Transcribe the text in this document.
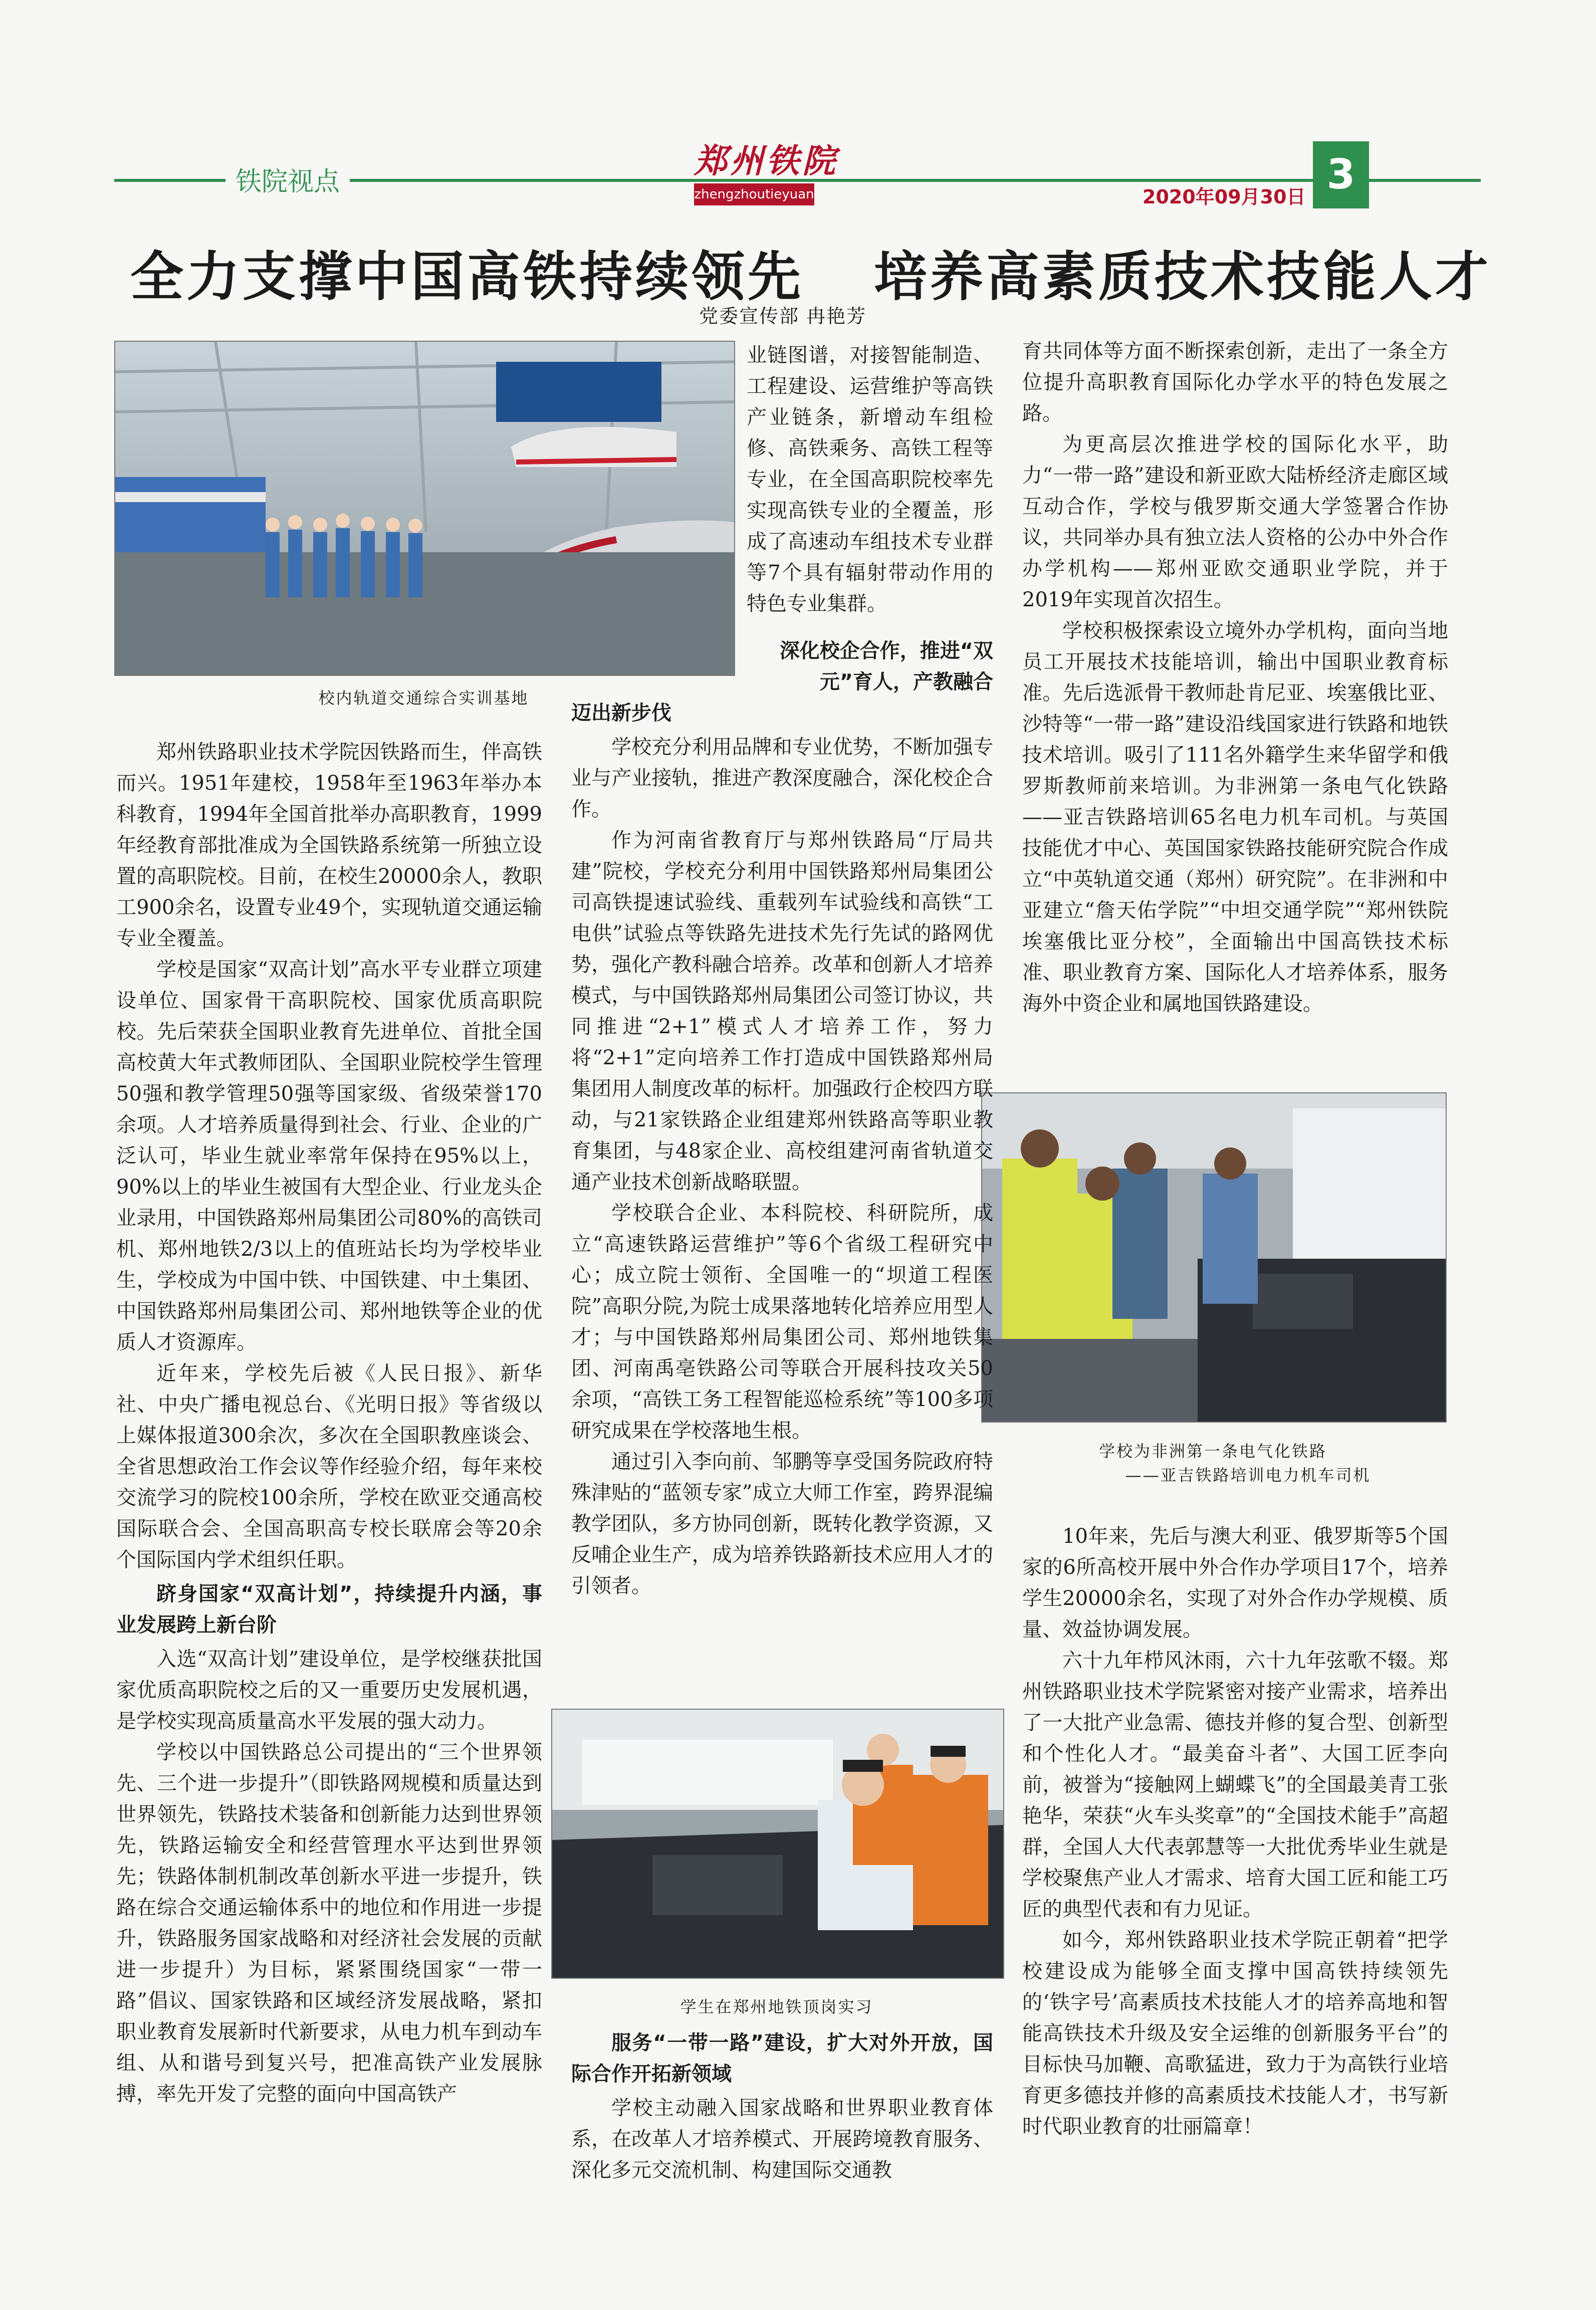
铁院视点
郑州铁院
zhengzhoutieyuan	2020年09月30日 3
全力支撑中国高铁持续领先 培养高素质技术技能人才
党委宣传部 冉艳芳
校内轨道交通综合实训基地
学校为非洲第一条电气化铁路
——亚吉铁路培训电力机车司机
学生在郑州地铁顶岗实习

郑州铁路职业技术学院因铁路而生，伴高铁而兴。1951年建校，1958年至1963年举办本科教育，1994年全国首批举办高职教育，1999年经教育部批准成为全国铁路系统第一所独立设置的高职院校。目前，在校生20000余人，教职工900余名，设置专业49个，实现轨道交通运输专业全覆盖。

学校是国家“双高计划”高水平专业群立项建设单位、国家骨干高职院校、国家优质高职院校。先后荣获全国职业教育先进单位、首批全国高校黄大年式教师团队、全国职业院校学生管理50强和教学管理50强等国家级、省级荣誉170余项。人才培养质量得到社会、行业、企业的广泛认可，毕业生就业率常年保持在95%以上，90%以上的毕业生被国有大型企业、行业龙头企业录用，中国铁路郑州局集团公司80%的高铁司机、郑州地铁2/3以上的值班站长均为学校毕业生，学校成为中国中铁、中国铁建、中土集团、中国铁路郑州局集团公司、郑州地铁等企业的优质人才资源库。

近年来，学校先后被《人民日报》、新华社、中央广播电视总台、《光明日报》等省级以上媒体报道300余次，多次在全国职教座谈会、全省思想政治工作会议等作经验介绍，每年来校交流学习的院校100余所，学校在欧亚交通高校国际联合会、全国高职高专校长联席会等20余个国际国内学术组织任职。

跻身国家“双高计划”，持续提升内涵，事业发展跨上新台阶

入选“双高计划”建设单位，是学校继获批国家优质高职院校之后的又一重要历史发展机遇，是学校实现高质量高水平发展的强大动力。

学校以中国铁路总公司提出的“三个世界领先、三个进一步提升”（即铁路网规模和质量达到世界领先，铁路技术装备和创新能力达到世界领先，铁路运输安全和经营管理水平达到世界领先；铁路体制机制改革创新水平进一步提升，铁路在综合交通运输体系中的地位和作用进一步提升，铁路服务国家战略和对经济社会发展的贡献进一步提升）为目标，紧紧围绕国家“一带一路”倡议、国家铁路和区域经济发展战略，紧扣职业教育发展新时代新要求，从电力机车到动车组、从和谐号到复兴号，把准高铁产业发展脉搏，率先开发了完整的面向中国高铁产

业链图谱，对接智能制造、工程建设、运营维护等高铁产业链条，新增动车组检修、高铁乘务、高铁工程等专业，在全国高职院校率先实现高铁专业的全覆盖，形成了高速动车组技术专业群等7个具有辐射带动作用的特色专业集群。

深化校企合作，推进“双元”育人，产教融合
迈出新步伐

学校充分利用品牌和专业优势，不断加强专业与产业接轨，推进产教深度融合，深化校企合作。

作为河南省教育厅与郑州铁路局“厅局共建”院校，学校充分利用中国铁路郑州局集团公司高铁提速试验线、重载列车试验线和高铁“工电供”试验点等铁路先进技术先行先试的路网优势，强化产教科融合培养。改革和创新人才培养模式，与中国铁路郑州局集团公司签订协议，共同推进“2+1”模式人才培养工作，努力将“2+1”定向培养工作打造成中国铁路郑州局集团用人制度改革的标杆。加强政行企校四方联动，与21家铁路企业组建郑州铁路高等职业教育集团，与48家企业、高校组建河南省轨道交通产业技术创新战略联盟。

学校联合企业、本科院校、科研院所，成立“高速铁路运营维护”等6个省级工程研究中心；成立院士领衔、全国唯一的“坝道工程医院”高职分院,为院士成果落地转化培养应用型人才；与中国铁路郑州局集团公司、郑州地铁集团、河南禹亳铁路公司等联合开展科技攻关50余项，“高铁工务工程智能巡检系统”等100多项研究成果在学校落地生根。

通过引入李向前、邹鹏等享受国务院政府特殊津贴的“蓝领专家”成立大师工作室，跨界混编教学团队，多方协同创新，既转化教学资源，又反哺企业生产，成为培养铁路新技术应用人才的引领者。

服务“一带一路”建设，扩大对外开放，国际合作开拓新领域

学校主动融入国家战略和世界职业教育体系，在改革人才培养模式、开展跨境教育服务、深化多元交流机制、构建国际交通教

育共同体等方面不断探索创新，走出了一条全方位提升高职教育国际化办学水平的特色发展之路。

为更高层次推进学校的国际化水平，助力“一带一路”建设和新亚欧大陆桥经济走廊区域互动合作，学校与俄罗斯交通大学签署合作协议，共同举办具有独立法人资格的公办中外合作办学机构——郑州亚欧交通职业学院，并于2019年实现首次招生。

学校积极探索设立境外办学机构，面向当地员工开展技术技能培训，输出中国职业教育标准。先后选派骨干教师赴肯尼亚、埃塞俄比亚、沙特等“一带一路”建设沿线国家进行铁路和地铁技术培训。吸引了111名外籍学生来华留学和俄罗斯教师前来培训。为非洲第一条电气化铁路——亚吉铁路培训65名电力机车司机。与英国技能优才中心、英国国家铁路技能研究院合作成立“中英轨道交通（郑州）研究院”。在非洲和中亚建立“詹天佑学院”“中坦交通学院”“郑州铁院埃塞俄比亚分校”，全面输出中国高铁技术标准、职业教育方案、国际化人才培养体系，服务海外中资企业和属地国铁路建设。

10年来，先后与澳大利亚、俄罗斯等5个国家的6所高校开展中外合作办学项目17个，培养学生20000余名，实现了对外合作办学规模、质量、效益协调发展。

六十九年栉风沐雨，六十九年弦歌不辍。郑州铁路职业技术学院紧密对接产业需求，培养出了一大批产业急需、德技并修的复合型、创新型和个性化人才。“最美奋斗者”、大国工匠李向前，被誉为“接触网上蝴蝶飞”的全国最美青工张艳华，荣获“火车头奖章”的“全国技术能手”高超群，全国人大代表郭慧等一大批优秀毕业生就是学校聚焦产业人才需求、培育大国工匠和能工巧匠的典型代表和有力见证。

如今，郑州铁路职业技术学院正朝着“把学校建设成为能够全面支撑中国高铁持续领先的‘铁字号’高素质技术技能人才的培养高地和智能高铁技术升级及安全运维的创新服务平台”的目标快马加鞭、高歌猛进，致力于为高铁行业培育更多德技并修的高素质技术技能人才，书写新时代职业教育的壮丽篇章！
